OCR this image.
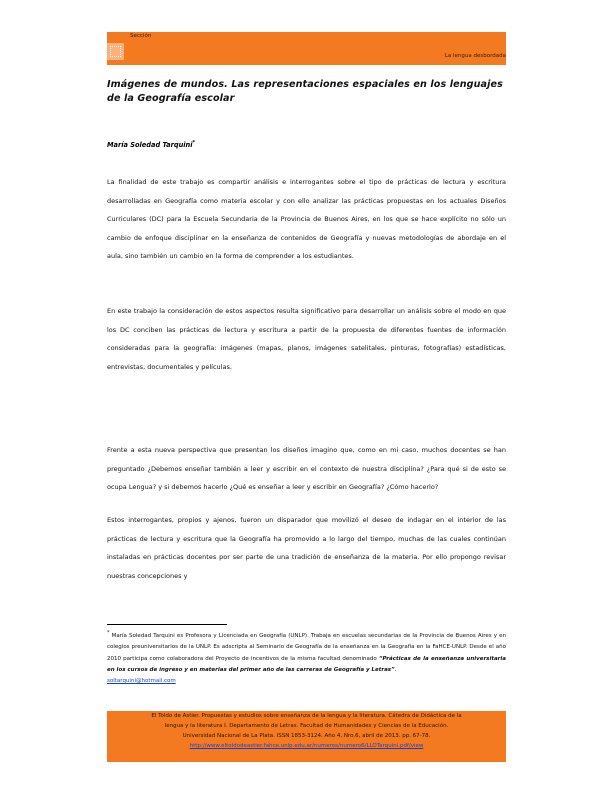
Sección
La lengua desbordada
Imágenes de mundos. Las representaciones espaciales en los lenguajes de la Geografía escolar
María Soledad Tarquini*
La finalidad de este trabajo es compartir análisis e interrogantes sobre el tipo de prácticas de lectura y escritura desarrolladas en Geografía como materia escolar y con ello analizar las prácticas propuestas en los actuales Diseños Curriculares (DC) para la Escuela Secundaria de la Provincia de Buenos Aires, en los que se hace explícito no sólo un cambio de enfoque disciplinar en la enseñanza de contenidos de Geografía y nuevas metodologías de abordaje en el aula, sino también un cambio en la forma de comprender a los estudiantes.
En este trabajo la consideración de estos aspectos resulta significativo para desarrollar un análisis sobre el modo en que los DC conciben las prácticas de lectura y escritura a partir de la propuesta de diferentes fuentes de información consideradas para la geografía: imágenes (mapas, planos, imágenes satelitales, pinturas, fotografías) estadísticas, entrevistas, documentales y películas.
Frente a esta nueva perspectiva que presentan los diseños imagino que, como en mi caso, muchos docentes se han preguntado ¿Debemos enseñar también a leer y escribir en el contexto de nuestra disciplina? ¿Para qué si de esto se ocupa Lengua? y si debemos hacerlo ¿Qué es enseñar a leer y escribir en Geografía? ¿Cómo hacerlo?
Estos interrogantes, propios y ajenos, fueron un disparador que movilizó el deseo de indagar en el interior de las prácticas de lectura y escritura que la Geografía ha promovido a lo largo del tiempo, muchas de las cuales continúan instaladas en prácticas docentes por ser parte de una tradición de enseñanza de la materia. Por ello propongo revisar nuestras concepciones y
* María Soledad Tarquini es Profesora y Licenciada en Geografía (UNLP). Trabaja en escuelas secundarias de la Provincia de Buenos Aires y en colegios preuniversitarios de la UNLP. Es adscripta al Seminario de Geografía de la enseñanza en la Geografía en la FaHCE-UNLP. Desde el año 2010 participa como colaboradora del Proyecto de incentivos de la misma facultad denominado “Prácticas de la enseñanza universitaria en los cursos de ingreso y en materias del primer año de las carreras de Geografía y Letras”.
soltarquini@hotmail.com
El Toldo de Astier. Propuestas y estudios sobre enseñanza de la lengua y la literatura. Cátedra de Didáctica de la
lengua y la literatura I. Departamento de Letras. Facultad de Humanidades y Ciencias de la Educación.
Universidad Nacional de La Plata. ISSN 1853-3124. Año 4, Nro.6, abril de 2013. pp. 67-78.
http://www.eltoldodeastier.fahce.unlp.edu.ar/numeros/numero6/LLOTarquini.pdf/view
